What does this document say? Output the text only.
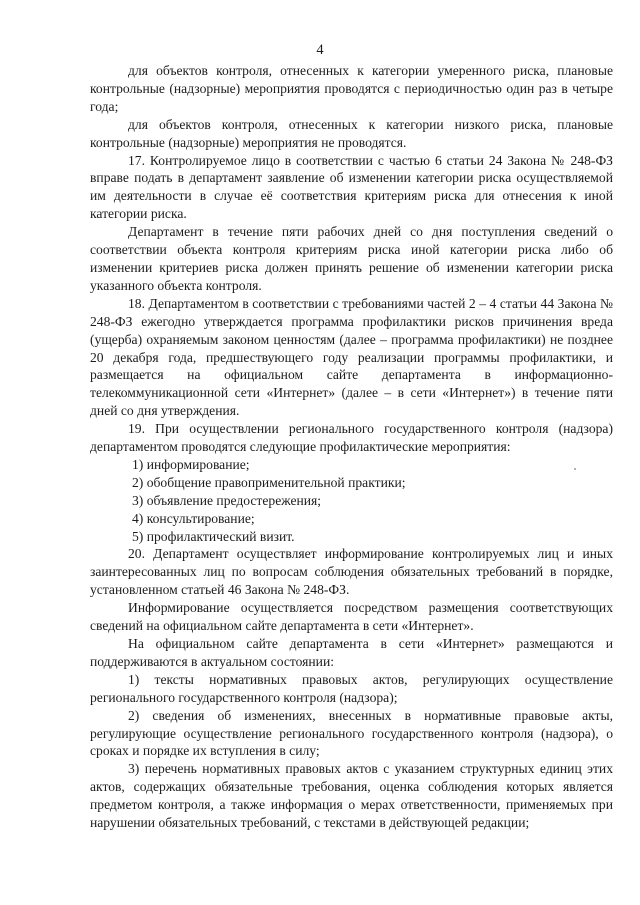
4

для объектов контроля, отнесенных к категории умеренного риска, плановые контрольные (надзорные) мероприятия проводятся с периодичностью один раз в четыре года;

для объектов контроля, отнесенных к категории низкого риска, плановые контрольные (надзорные) мероприятия не проводятся.

17. Контролируемое лицо в соответствии с частью 6 статьи 24 Закона № 248-ФЗ вправе подать в департамент заявление об изменении категории риска осуществляемой им деятельности в случае её соответствия критериям риска для отнесения к иной категории риска.

Департамент в течение пяти рабочих дней со дня поступления сведений о соответствии объекта контроля критериям риска иной категории риска либо об изменении критериев риска должен принять решение об изменении категории риска указанного объекта контроля.

18. Департаментом в соответствии с требованиями частей 2 – 4 статьи 44 Закона № 248-ФЗ ежегодно утверждается программа профилактики рисков причинения вреда (ущерба) охраняемым законом ценностям (далее – программа профилактики) не позднее 20 декабря года, предшествующего году реализации программы профилактики, и размещается на официальном сайте департамента в информационно-телекоммуникационной сети «Интернет» (далее – в сети «Интернет») в течение пяти дней со дня утверждения.

19. При осуществлении регионального государственного контроля (надзора) департаментом проводятся следующие профилактические мероприятия:

1) информирование;

2) обобщение правоприменительной практики;

3) объявление предостережения;

4) консультирование;

5) профилактический визит.

20. Департамент осуществляет информирование контролируемых лиц и иных заинтересованных лиц по вопросам соблюдения обязательных требований в порядке, установленном статьей 46 Закона № 248-ФЗ.

Информирование осуществляется посредством размещения соответствующих сведений на официальном сайте департамента в сети «Интернет».

На официальном сайте департамента в сети «Интернет» размещаются и поддерживаются в актуальном состоянии:

1) тексты нормативных правовых актов, регулирующих осуществление регионального государственного контроля (надзора);

2) сведения об изменениях, внесенных в нормативные правовые акты, регулирующие осуществление регионального государственного контроля (надзора), о сроках и порядке их вступления в силу;

3) перечень нормативных правовых актов с указанием структурных единиц этих актов, содержащих обязательные требования, оценка соблюдения которых является предметом контроля, а также информация о мерах ответственности, применяемых при нарушении обязательных требований, с текстами в действующей редакции;
